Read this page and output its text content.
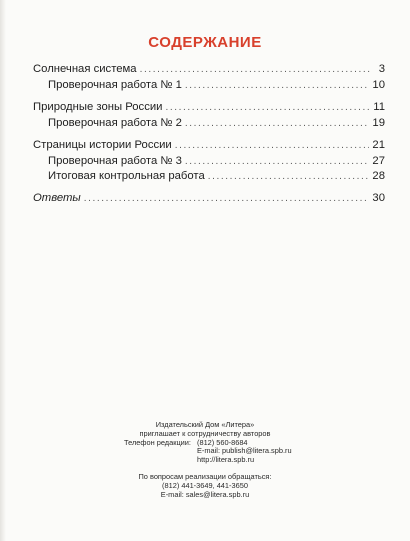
СОДЕРЖАНИЕ
Солнечная система .....	3
Проверочная работа № 1 .....	10
Природные зоны России .....	11
Проверочная работа № 2 .....	19
Страницы истории России .....	21
Проверочная работа № 3 .....	27
Итоговая контрольная работа .....	28
Ответы .....	30
Издательский Дом «Литера»
приглашает к сотрудничеству авторов
Телефон редакции: (812) 560-8684
E-mail: publish@litera.spb.ru
http://litera.spb.ru
По вопросам реализации обращаться:
(812) 441-3649, 441-3650
E-mail: sales@litera.spb.ru
